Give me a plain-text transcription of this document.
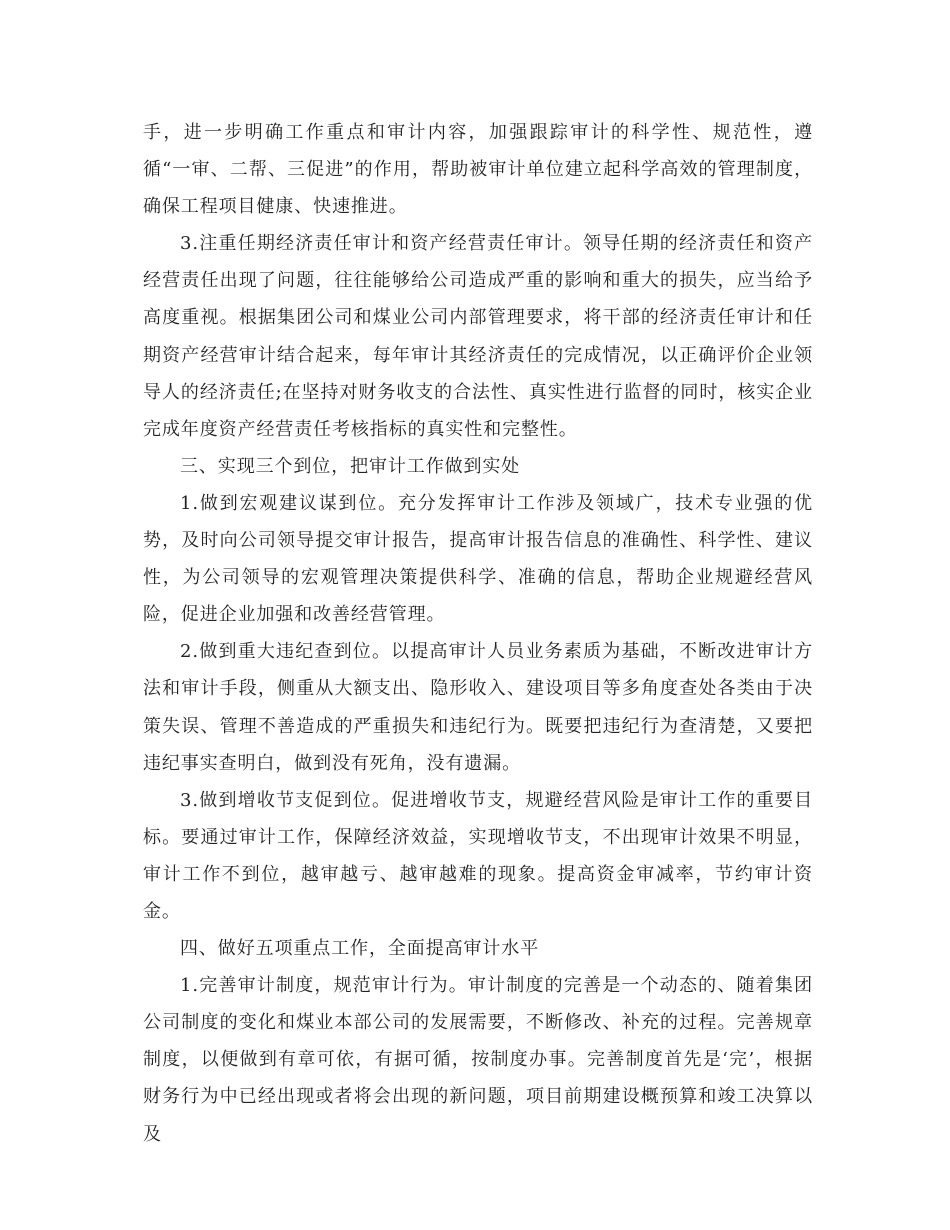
手，进一步明确工作重点和审计内容，加强跟踪审计的科学性、规范性，遵循“一审、二帮、三促进”的作用，帮助被审计单位建立起科学高效的管理制度，确保工程项目健康、快速推进。

3.注重任期经济责任审计和资产经营责任审计。领导任期的经济责任和资产经营责任出现了问题，往往能够给公司造成严重的影响和重大的损失，应当给予高度重视。根据集团公司和煤业公司内部管理要求，将干部的经济责任审计和任期资产经营审计结合起来，每年审计其经济责任的完成情况，以正确评价企业领导人的经济责任;在坚持对财务收支的合法性、真实性进行监督的同时，核实企业完成年度资产经营责任考核指标的真实性和完整性。

三、实现三个到位，把审计工作做到实处

1.做到宏观建议谋到位。充分发挥审计工作涉及领域广，技术专业强的优势，及时向公司领导提交审计报告，提高审计报告信息的准确性、科学性、建议性，为公司领导的宏观管理决策提供科学、准确的信息，帮助企业规避经营风险，促进企业加强和改善经营管理。

2.做到重大违纪查到位。以提高审计人员业务素质为基础，不断改进审计方法和审计手段，侧重从大额支出、隐形收入、建设项目等多角度查处各类由于决策失误、管理不善造成的严重损失和违纪行为。既要把违纪行为查清楚，又要把违纪事实查明白，做到没有死角，没有遗漏。

3.做到增收节支促到位。促进增收节支，规避经营风险是审计工作的重要目标。要通过审计工作，保障经济效益，实现增收节支，不出现审计效果不明显，审计工作不到位，越审越亏、越审越难的现象。提高资金审减率，节约审计资金。

四、做好五项重点工作，全面提高审计水平

1.完善审计制度，规范审计行为。审计制度的完善是一个动态的、随着集团公司制度的变化和煤业本部公司的发展需要，不断修改、补充的过程。完善规章制度，以便做到有章可依，有据可循，按制度办事。完善制度首先是‘完’，根据财务行为中已经出现或者将会出现的新问题，项目前期建设概预算和竣工决算以及
